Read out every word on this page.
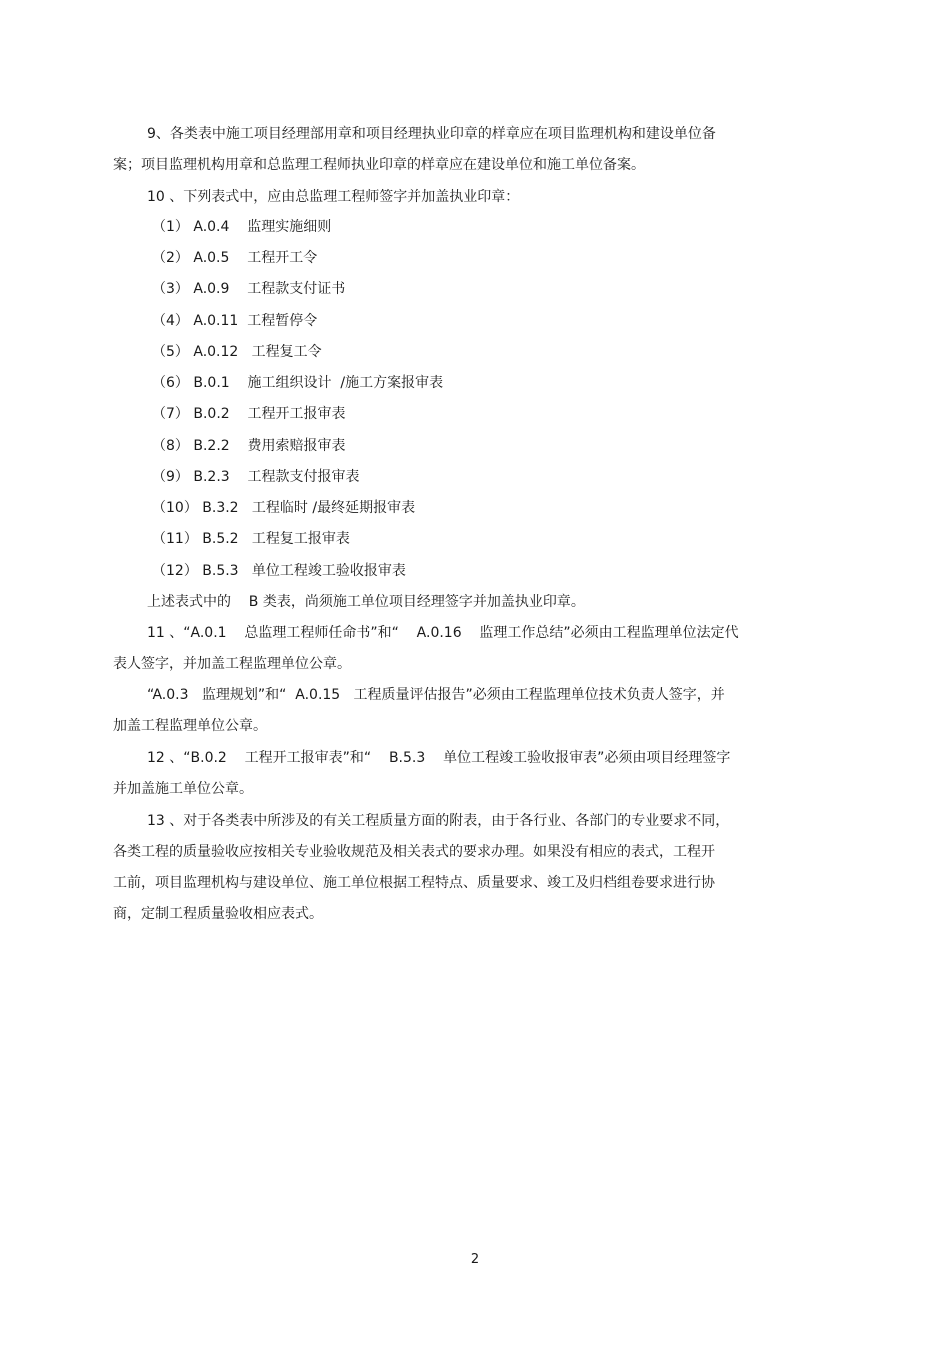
9、各类表中施工项目经理部用章和项目经理执业印章的样章应在项目监理机构和建设单位备
案；项目监理机构用章和总监理工程师执业印章的样章应在建设单位和施工单位备案。
10 、下列表式中，应由总监理工程师签字并加盖执业印章：
（1） A.0.4    监理实施细则
（2） A.0.5    工程开工令
（3） A.0.9    工程款支付证书
（4） A.0.11  工程暂停令
（5） A.0.12   工程复工令
（6） B.0.1    施工组织设计  /施工方案报审表
（7） B.0.2    工程开工报审表
（8） B.2.2    费用索赔报审表
（9） B.2.3    工程款支付报审表
（10） B.3.2   工程临时 /最终延期报审表
（11） B.5.2   工程复工报审表
（12） B.5.3   单位工程竣工验收报审表
上述表式中的    B 类表，尚须施工单位项目经理签字并加盖执业印章。
11 、“A.0.1    总监理工程师任命书”和“    A.0.16    监理工作总结”必须由工程监理单位法定代
表人签字，并加盖工程监理单位公章。
“A.0.3   监理规划”和“  A.0.15   工程质量评估报告”必须由工程监理单位技术负责人签字，并
加盖工程监理单位公章。
12 、“B.0.2    工程开工报审表”和“    B.5.3    单位工程竣工验收报审表”必须由项目经理签字
并加盖施工单位公章。
13 、对于各类表中所涉及的有关工程质量方面的附表，由于各行业、各部门的专业要求不同，
各类工程的质量验收应按相关专业验收规范及相关表式的要求办理。如果没有相应的表式，工程开
工前，项目监理机构与建设单位、施工单位根据工程特点、质量要求、竣工及归档组卷要求进行协
商，定制工程质量验收相应表式。
2
